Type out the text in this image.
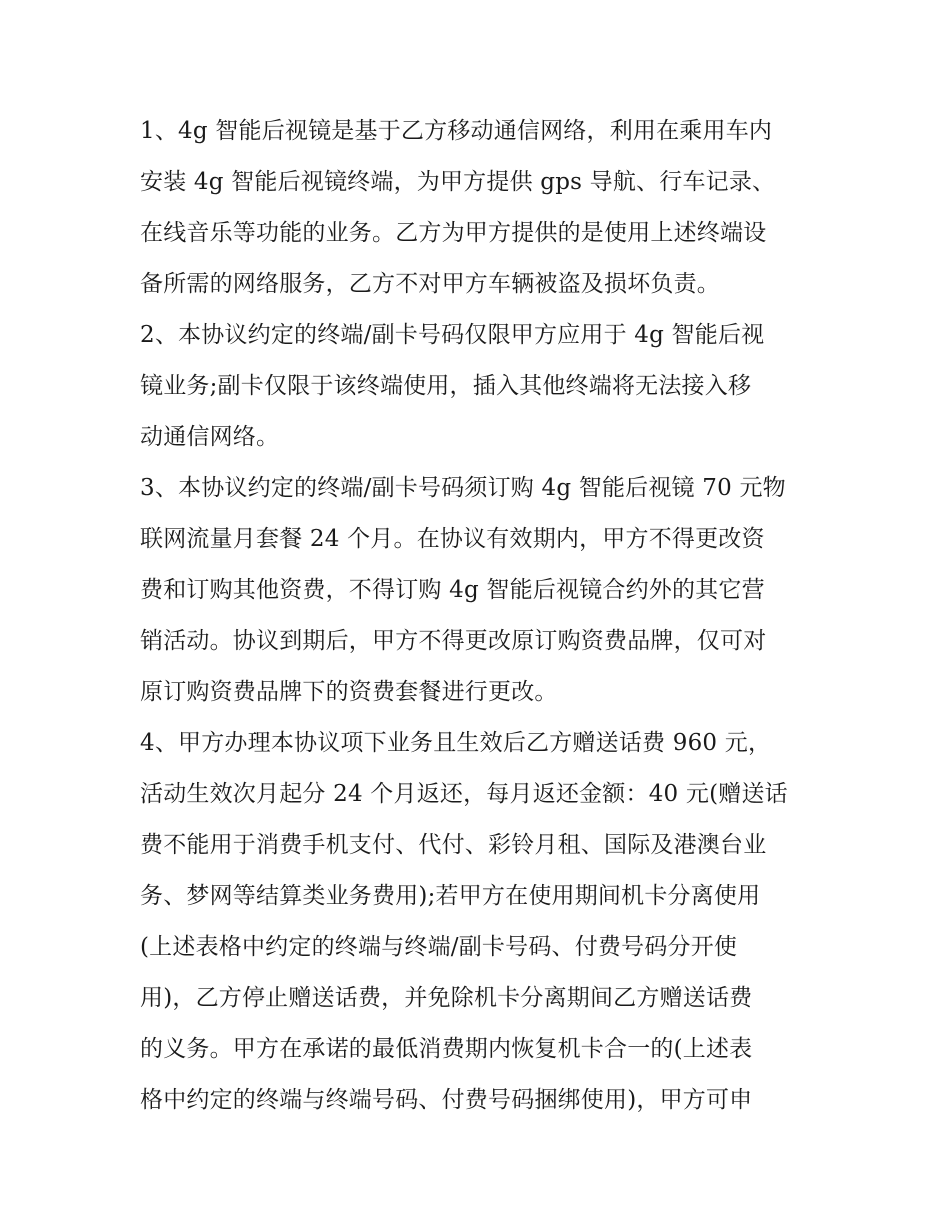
1、4g 智能后视镜是基于乙方移动通信网络，利用在乘用车内
安装 4g 智能后视镜终端，为甲方提供 gps 导航、行车记录、
在线音乐等功能的业务。乙方为甲方提供的是使用上述终端设
备所需的网络服务，乙方不对甲方车辆被盗及损坏负责。
2、本协议约定的终端/副卡号码仅限甲方应用于 4g 智能后视
镜业务;副卡仅限于该终端使用，插入其他终端将无法接入移
动通信网络。
3、本协议约定的终端/副卡号码须订购 4g 智能后视镜 70 元物
联网流量月套餐 24 个月。在协议有效期内，甲方不得更改资
费和订购其他资费，不得订购 4g 智能后视镜合约外的其它营
销活动。协议到期后，甲方不得更改原订购资费品牌，仅可对
原订购资费品牌下的资费套餐进行更改。
4、甲方办理本协议项下业务且生效后乙方赠送话费 960 元，
活动生效次月起分 24 个月返还，每月返还金额：40 元(赠送话
费不能用于消费手机支付、代付、彩铃月租、国际及港澳台业
务、梦网等结算类业务费用);若甲方在使用期间机卡分离使用
(上述表格中约定的终端与终端/副卡号码、付费号码分开使
用)，乙方停止赠送话费，并免除机卡分离期间乙方赠送话费
的义务。甲方在承诺的最低消费期内恢复机卡合一的(上述表
格中约定的终端与终端号码、付费号码捆绑使用)，甲方可申
